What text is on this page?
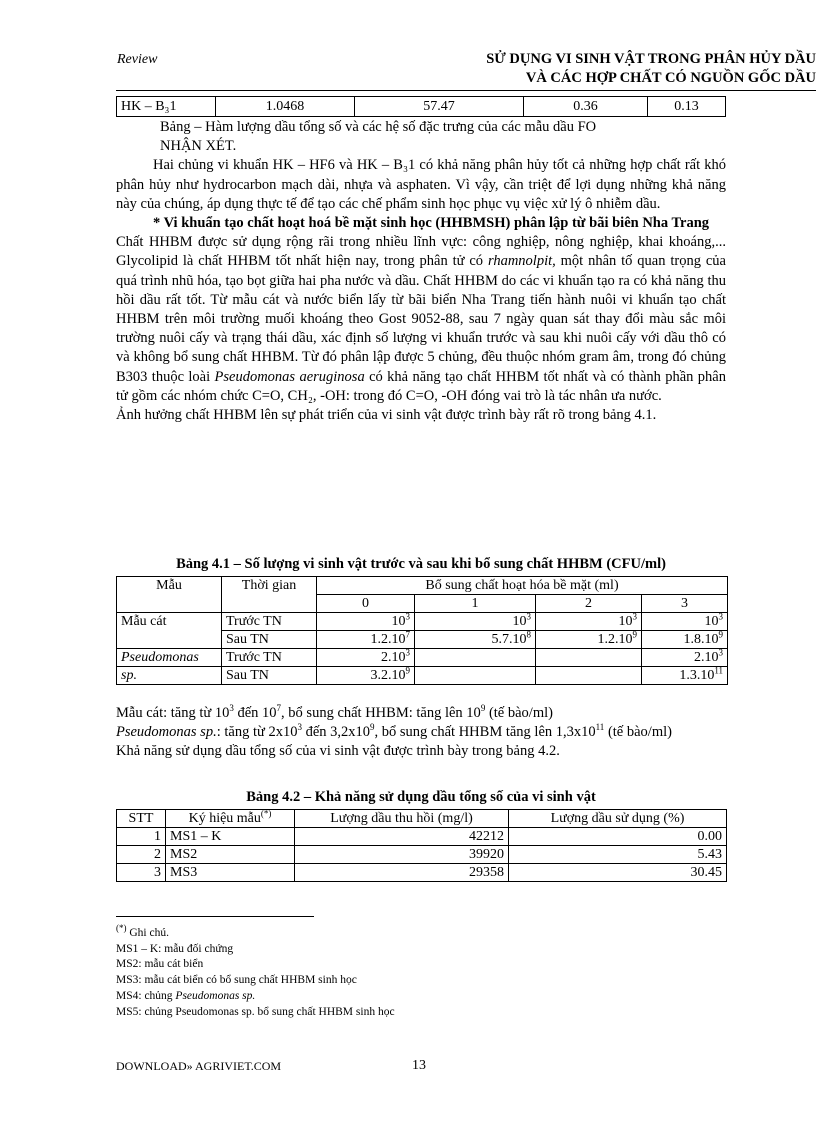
Review	SỬ DỤNG VI SINH VẬT TRONG PHÂN HỦY DẦU
VÀ CÁC HỢP CHẤT CÓ NGUỒN GỐC DẦU
HK – B₃1	1.0468	57.47	0.36	0.13

Bảng – Hàm lượng dầu tổng số và các hệ số đặc trưng của các mẫu dầu FO

NHẬN XÉT.

Hai chủng vi khuẩn HK – HF6 và HK – B₃1 có khả năng phân hủy tốt cả những hợp chất rất khó phân hủy như hydrocarbon mạch dài, nhựa và asphaten. Vì vậy, cần triệt để lợi dụng những khả năng này của chúng, áp dụng thực tế để tạo các chế phẩm sinh học phục vụ việc xử lý ô nhiễm dầu.

* Vi khuẩn tạo chất hoạt hoá bề mặt sinh học (HHBMSH) phân lập từ bãi biên Nha Trang

Chất HHBM được sử dụng rộng rãi trong nhiều lĩnh vực: công nghiệp, nông nghiệp, khai khoáng,... Glycolipid là chất HHBM tốt nhất hiện nay, trong phân tử có rhamnolpit, một nhân tố quan trọng của quá trình nhũ hóa, tạo bọt giữa hai pha nước và dầu. Chất HHBM do các vi khuẩn tạo ra có khả năng thu hồi dầu rất tốt. Từ mẫu cát và nước biển lấy từ bãi biển Nha Trang tiến hành nuôi vi khuẩn tạo chất HHBM trên môi trường muối khoáng theo Gost 9052-88, sau 7 ngày quan sát thay đổi màu sắc môi trường nuôi cấy và trạng thái dầu, xác định số lượng vi khuẩn trước và sau khi nuôi cấy với dầu thô có và không bổ sung chất HHBM. Từ đó phân lập được 5 chủng, đều thuộc nhóm gram âm, trong đó chủng B303 thuộc loài Pseudomonas aeruginosa có khả năng tạo chất HHBM tốt nhất và có thành phần phân tử gồm các nhóm chức C=O, CH₂, -OH: trong đó C=O, -OH đóng vai trò là tác nhân ưa nước.

Ảnh hưởng chất HHBM lên sự phát triển của vi sinh vật được trình bày rất rõ trong bảng 4.1.

Bảng 4.1 – Số lượng vi sinh vật trước và sau khi bổ sung chất HHBM (CFU/ml)
Mẫu	Thời gian	Bổ sung chất hoạt hóa bề mặt (ml)			
		0	1	2	3
Mẫu cát	Trước TN	$10^3$	$10^3$	$10^3$	$10^3$
	Sau TN	1.2.10$^7$	5.7.10$^8$	1.2.10$^9$	1.8.10$^9$
Pseudomonas	Trước TN	2.10$^3$			2.10$^3$
sp.	Sau TN	3.2.10$^9$			1.3.10$^{11}$

Mẫu cát: tăng từ $10^3$ đến $10^7$, bổ sung chất HHBM: tăng lên $10^9$ (tế bào/ml)

Pseudomonas sp.: tăng từ $2x10^3$ đến $3,2x10^9$, bổ sung chất HHBM tăng lên $1,3x10^{11}$ (tế bào/ml)

Khả năng sử dụng dầu tổng số của vi sinh vật được trình bày trong bảng 4.2.

Bảng 4.2 – Khả năng sử dụng dầu tổng số của vi sinh vật
STT	Ký hiệu mẫu(*)	Lượng dầu thu hồi (mg/l)	Lượng dầu sử dụng (%)
1	MS1 – K	42212	0.00
2	MS2	39920	5.43
3	MS3	29358	30.45
(*) Ghi chú.
MS1 – K: mẫu đối chứng
MS2: mẫu cát biển
MS3: mẫu cát biển có bổ sung chất HHBM sinh học
MS4: chủng Pseudomonas sp.
MS5: chủng Pseudomonas sp. bổ sung chất HHBM sinh học
DOWNLOAD» AGRIVIET.COM	13
